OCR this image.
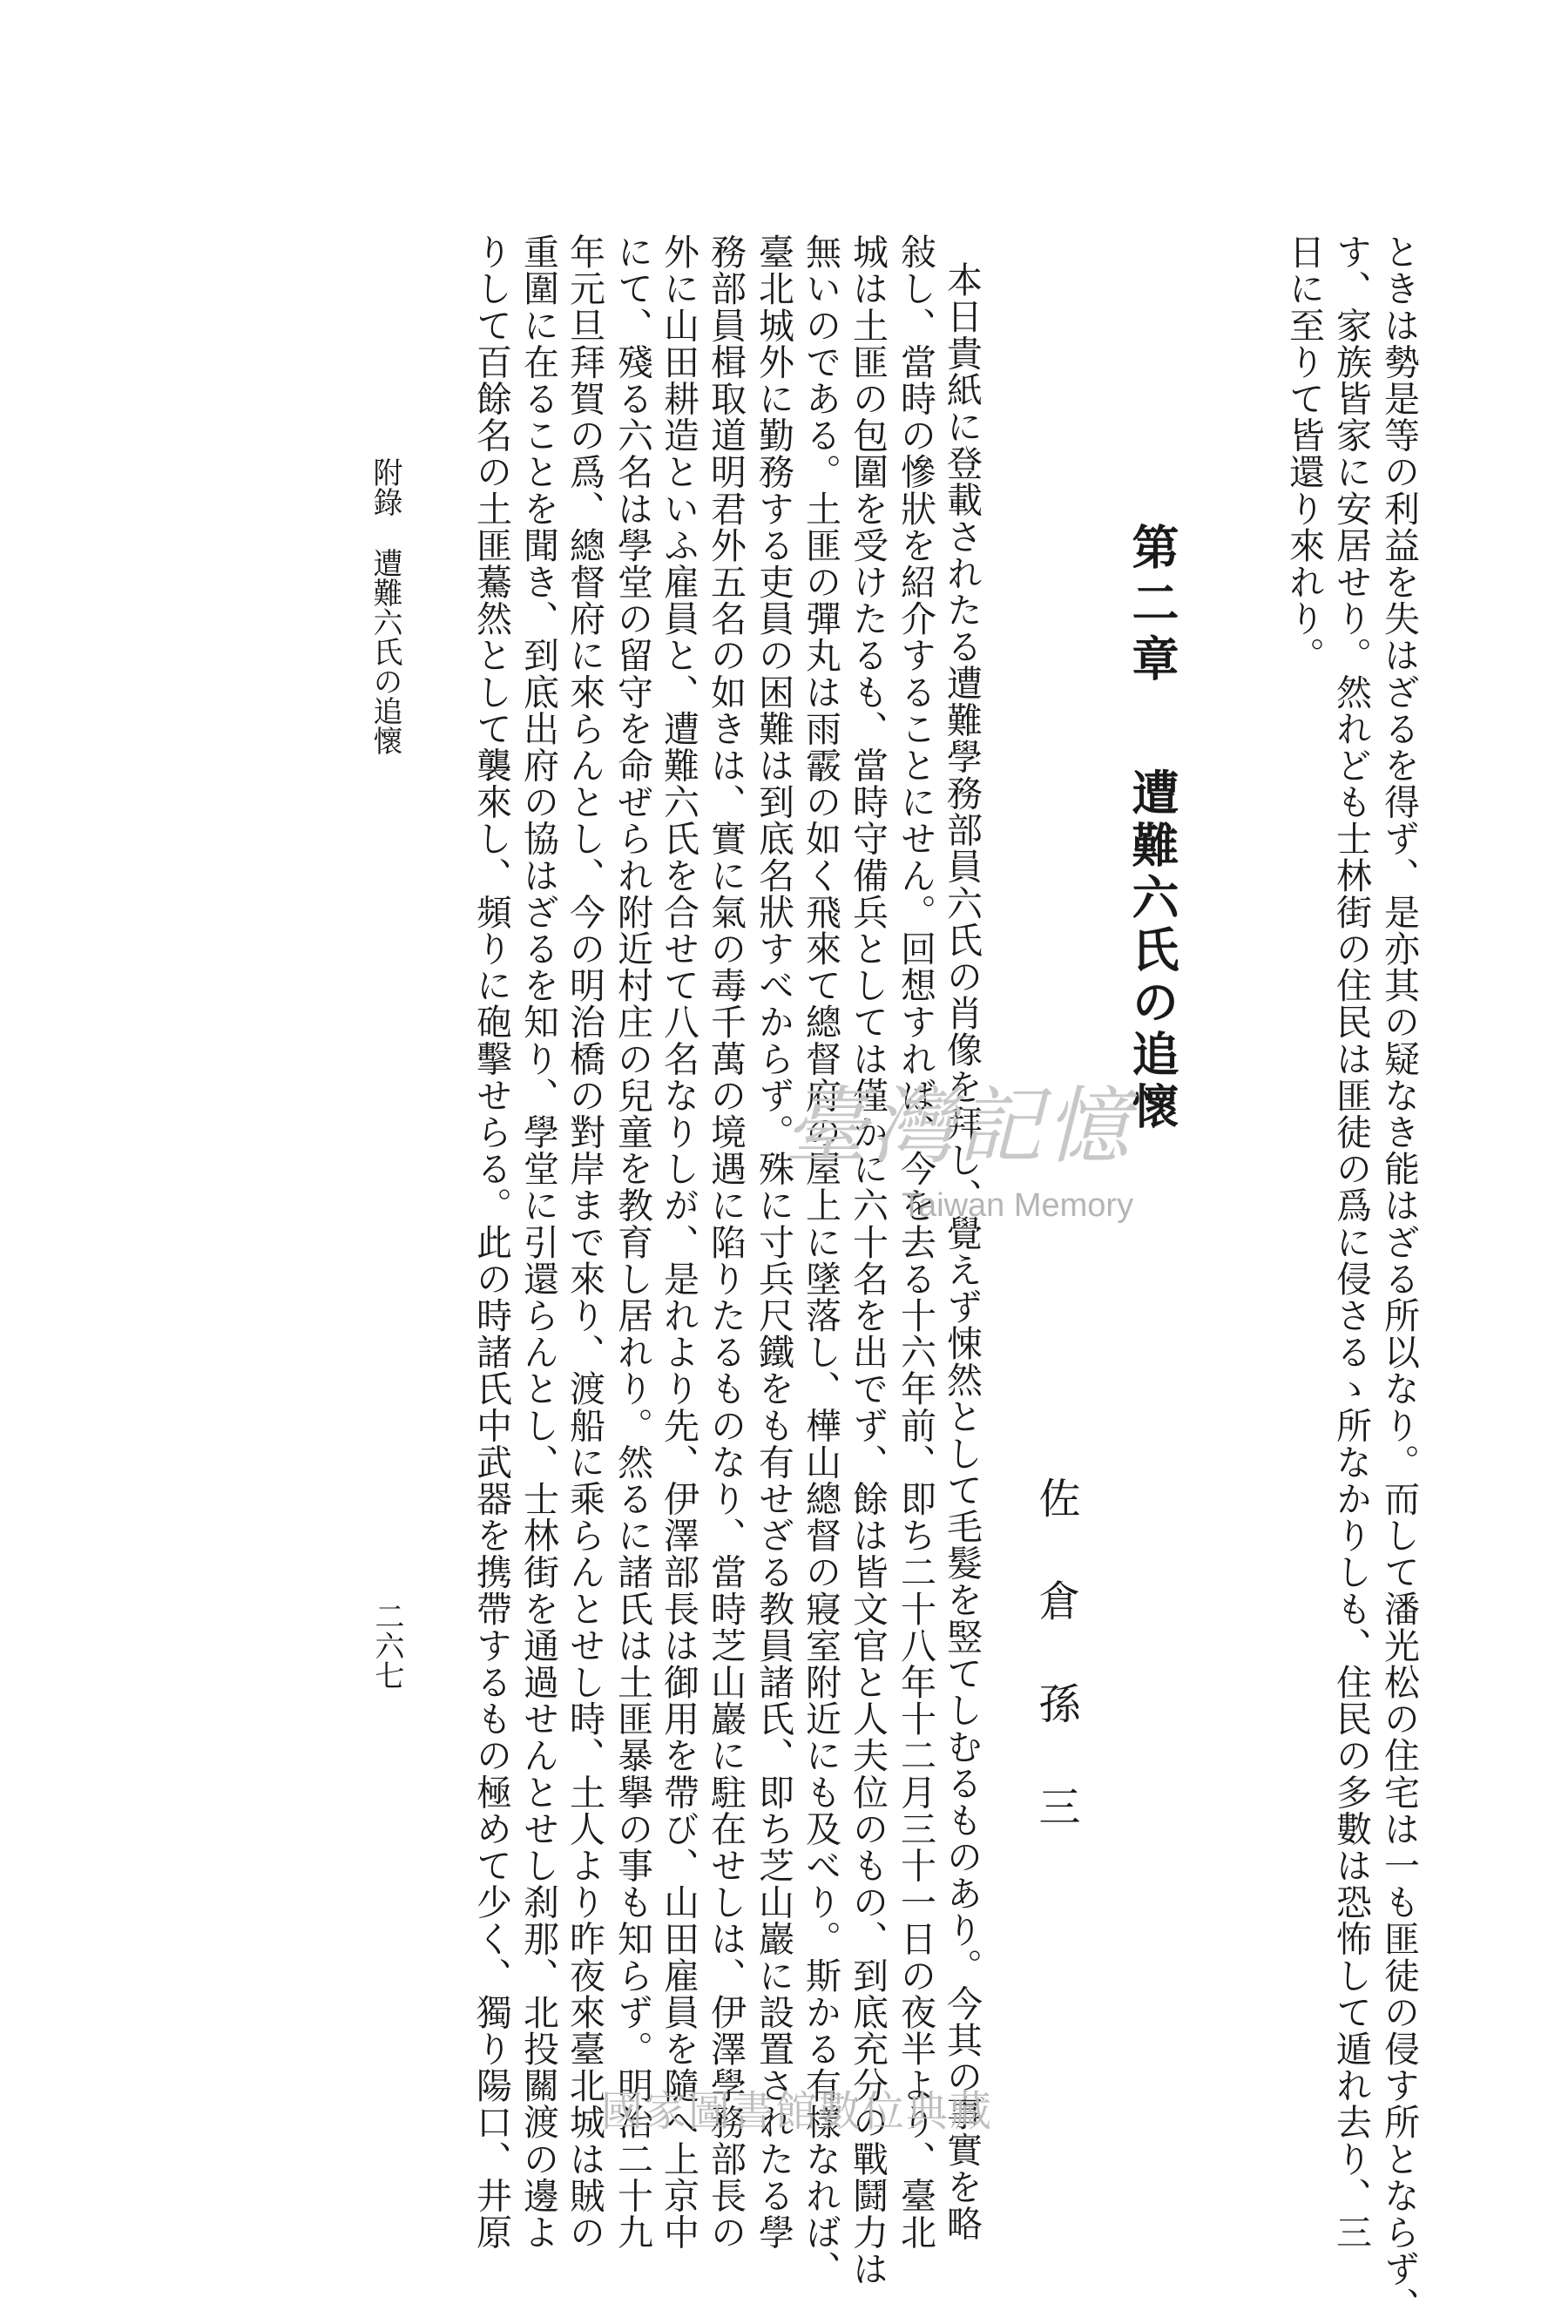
ときは勢是等の利益を失はざるを得ず、是亦其の疑なき能はざる所以なり。而して潘光松の住宅は一も匪徒の侵す所とならず、
す、家族皆家に安居せり。然れども士林街の住民は匪徒の爲に侵さるゝ所なかりしも、住民の多數は恐怖して遁れ去り、三
日に至りて皆還り來れり。
第二章遭難六氏の追懷
佐倉孫三
本日貴紙に登載されたる遭難學務部員六氏の肖像を拜し、覺えず悚然として毛髮を竪てしむるものあり。今其の事實を略
敍し、當時の慘狀を紹介することにせん。回想すれば、今を去る十六年前、即ち二十八年十二月三十一日の夜半より、臺北
城は土匪の包圍を受けたるも、當時守備兵としては僅かに六十名を出でず、餘は皆文官と人夫位のもの、到底充分の戰鬪力は
無いのである。土匪の彈丸は雨霰の如く飛來て總督府の屋上に墜落し、樺山總督の寢室附近にも及べり。斯かる有樣なれば、
臺北城外に勤務する吏員の困難は到底名狀すべからず。殊に寸兵尺鐵をも有せざる教員諸氏、即ち芝山巖に設置されたる學
務部員楫取道明君外五名の如きは、實に氣の毒千萬の境遇に陷りたるものなり、當時芝山巖に駐在せしは、伊澤學務部長の
外に山田耕造といふ雇員と、遭難六氏を合せて八名なりしが、是れより先、伊澤部長は御用を帶び、山田雇員を隨へ上京中
にて、殘る六名は學堂の留守を命ぜられ附近村庄の兒童を教育し居れり。然るに諸氏は土匪暴擧の事も知らず。明治二十九
年元旦拜賀の爲、總督府に來らんとし、今の明治橋の對岸まで來り、渡船に乘らんとせし時、土人より昨夜來臺北城は賊の
重圍に在ることを聞き、到底出府の協はざるを知り、學堂に引還らんとし、士林街を通過せんとせし刹那、北投關渡の邊よ
りして百餘名の土匪驀然として襲來し、頻りに砲擊せらる。此の時諸氏中武器を携帶するもの極めて少く、獨り陽口、井原
附錄遭難六氏の追懷
二六七
臺灣記憶
Taiwan Memory
國家圖書館數位典藏
